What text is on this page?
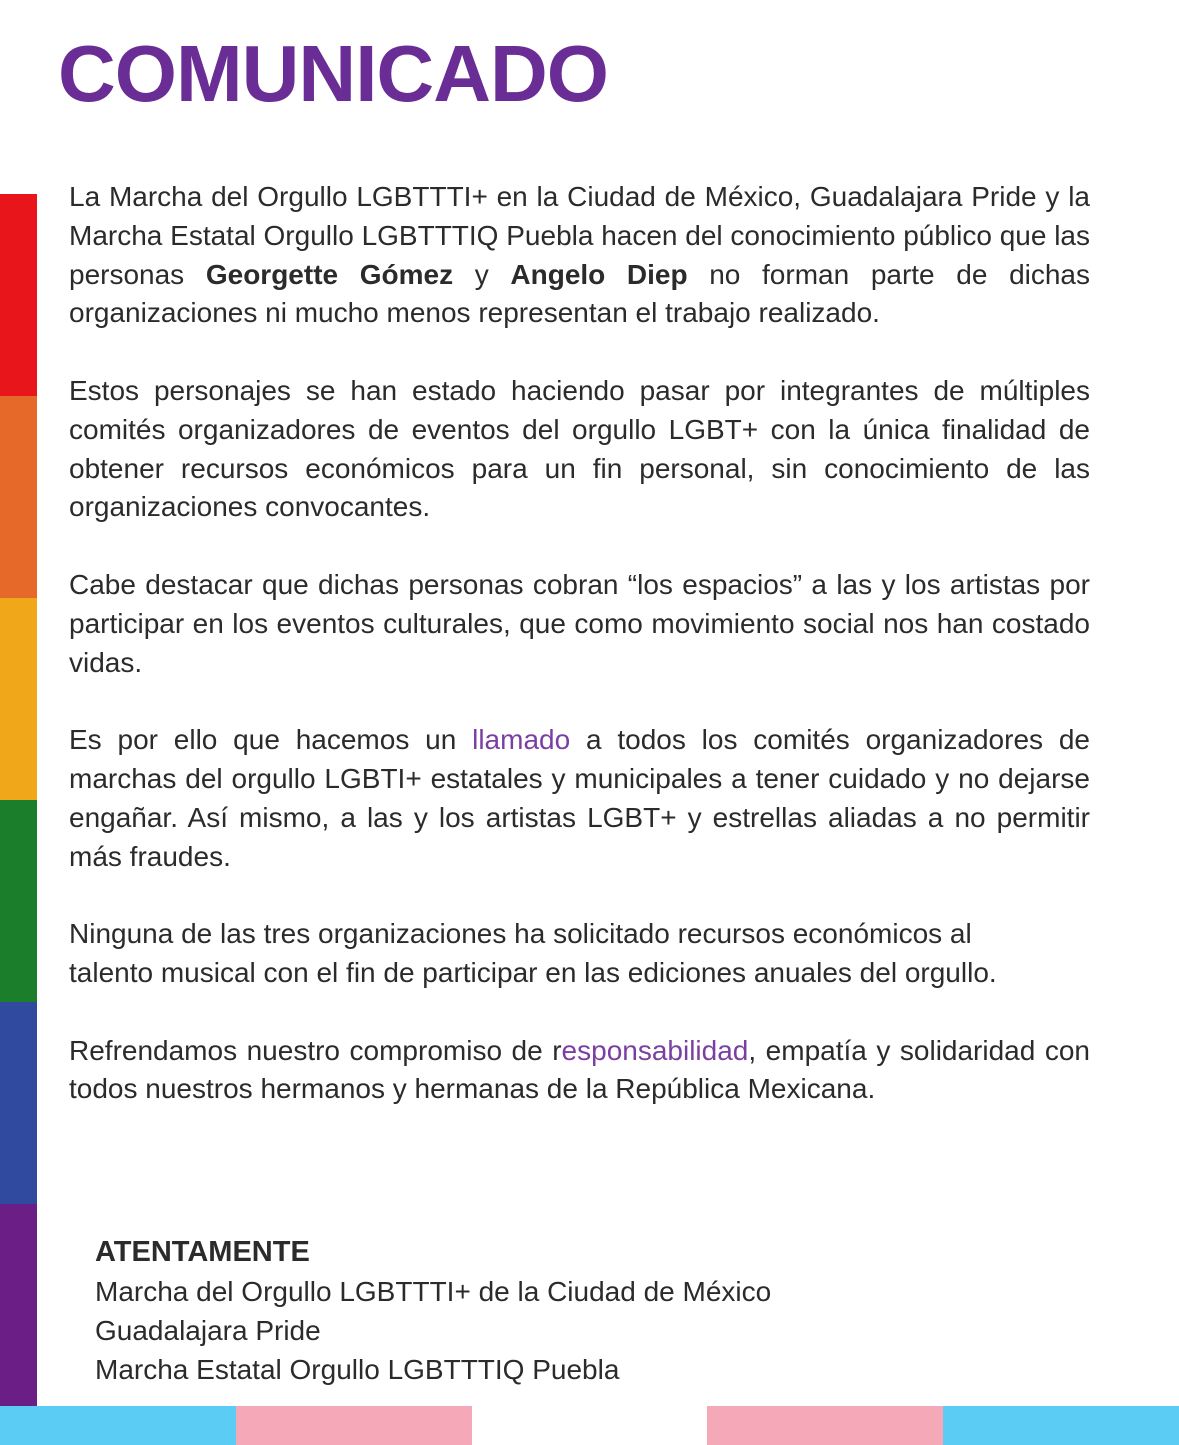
COMUNICADO

La Marcha del Orgullo LGBTTTI+ en la Ciudad de México, Guadalajara Pride y la Marcha Estatal Orgullo LGBTTTIQ Puebla hacen del conocimiento público que las personas Georgette Gómez y Angelo Diep no forman parte de dichas organizaciones ni mucho menos representan el trabajo realizado.

Estos personajes se han estado haciendo pasar por integrantes de múltiples comités organizadores de eventos del orgullo LGBT+ con la única finalidad de obtener recursos económicos para un fin personal, sin conocimiento de las organizaciones convocantes.

Cabe destacar que dichas personas cobran “los espacios” a las y los artistas por participar en los eventos culturales, que como movimiento social nos han costado vidas.

Es por ello que hacemos un llamado a todos los comités organizadores de marchas del orgullo LGBTI+ estatales y municipales a tener cuidado y no dejarse engañar. Así mismo, a las y los artistas LGBT+ y estrellas aliadas a no permitir más fraudes.

Ninguna de las tres organizaciones ha solicitado recursos económicos al
talento musical con el fin de participar en las ediciones anuales del orgullo.

Refrendamos nuestro compromiso de responsabilidad, empatía y solidaridad con todos nuestros hermanos y hermanas de la República Mexicana.

ATENTAMENTE
Marcha del Orgullo LGBTTTI+ de la Ciudad de México
Guadalajara Pride
Marcha Estatal Orgullo LGBTTTIQ Puebla
